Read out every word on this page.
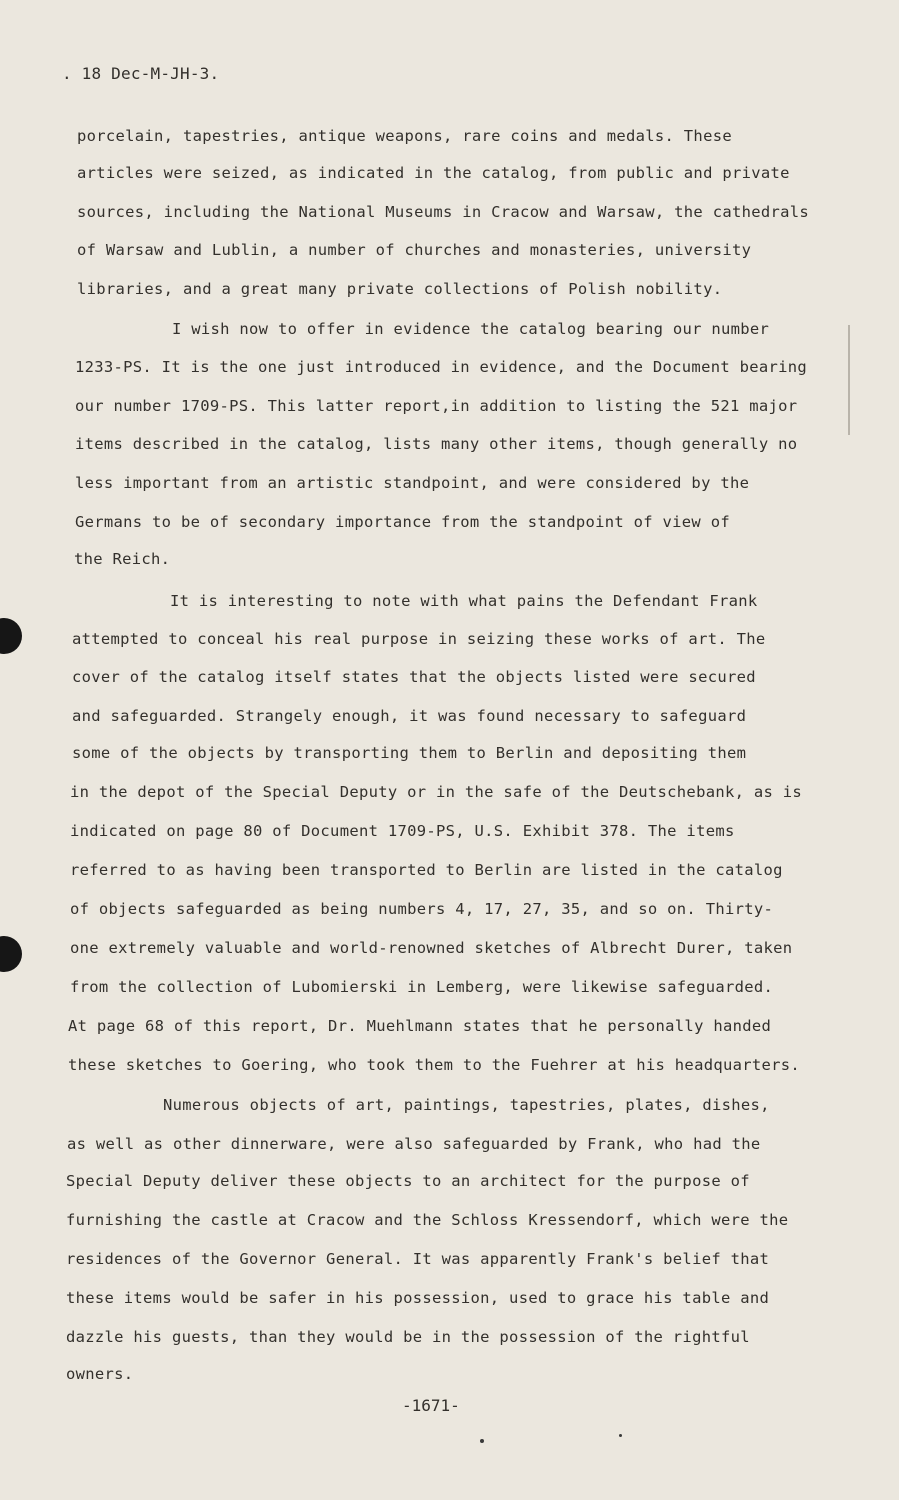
. 18 Dec-M-JH-3.
porcelain, tapestries, antique weapons, rare coins and medals. These
articles were seized, as indicated in the catalog, from public and private
sources, including the National Museums in Cracow and Warsaw, the cathedrals
of Warsaw and Lublin, a number of churches and monasteries, university
libraries, and a great many private collections of Polish nobility.
I wish now to offer in evidence the catalog bearing our number
1233-PS. It is the one just introduced in evidence, and the Document bearing
our number 1709-PS. This latter report,in addition to listing the 521 major
items described in the catalog, lists many other items, though generally no
less important from an artistic standpoint, and were considered by the
Germans to be of secondary importance from the standpoint of view of
the Reich.
It is interesting to note with what pains the Defendant Frank
attempted to conceal his real purpose in seizing these works of art. The
cover of the catalog itself states that the objects listed were secured
and safeguarded. Strangely enough, it was found necessary to safeguard
some of the objects by transporting them to Berlin and depositing them
in the depot of the Special Deputy or in the safe of the Deutschebank, as is
indicated on page 80 of Document 1709-PS, U.S. Exhibit 378. The items
referred to as having been transported to Berlin are listed in the catalog
of objects safeguarded as being numbers 4, 17, 27, 35, and so on. Thirty-
one extremely valuable and world-renowned sketches of Albrecht Durer, taken
from the collection of Lubomierski in Lemberg, were likewise safeguarded.
At page 68 of this report, Dr. Muehlmann states that he personally handed
these sketches to Goering, who took them to the Fuehrer at his headquarters.
Numerous objects of art, paintings, tapestries, plates, dishes,
as well as other dinnerware, were also safeguarded by Frank, who had the
Special Deputy deliver these objects to an architect for the purpose of
furnishing the castle at Cracow and the Schloss Kressendorf, which were the
residences of the Governor General. It was apparently Frank's belief that
these items would be safer in his possession, used to grace his table and
dazzle his guests, than they would be in the possession of the rightful
owners.
-1671-
